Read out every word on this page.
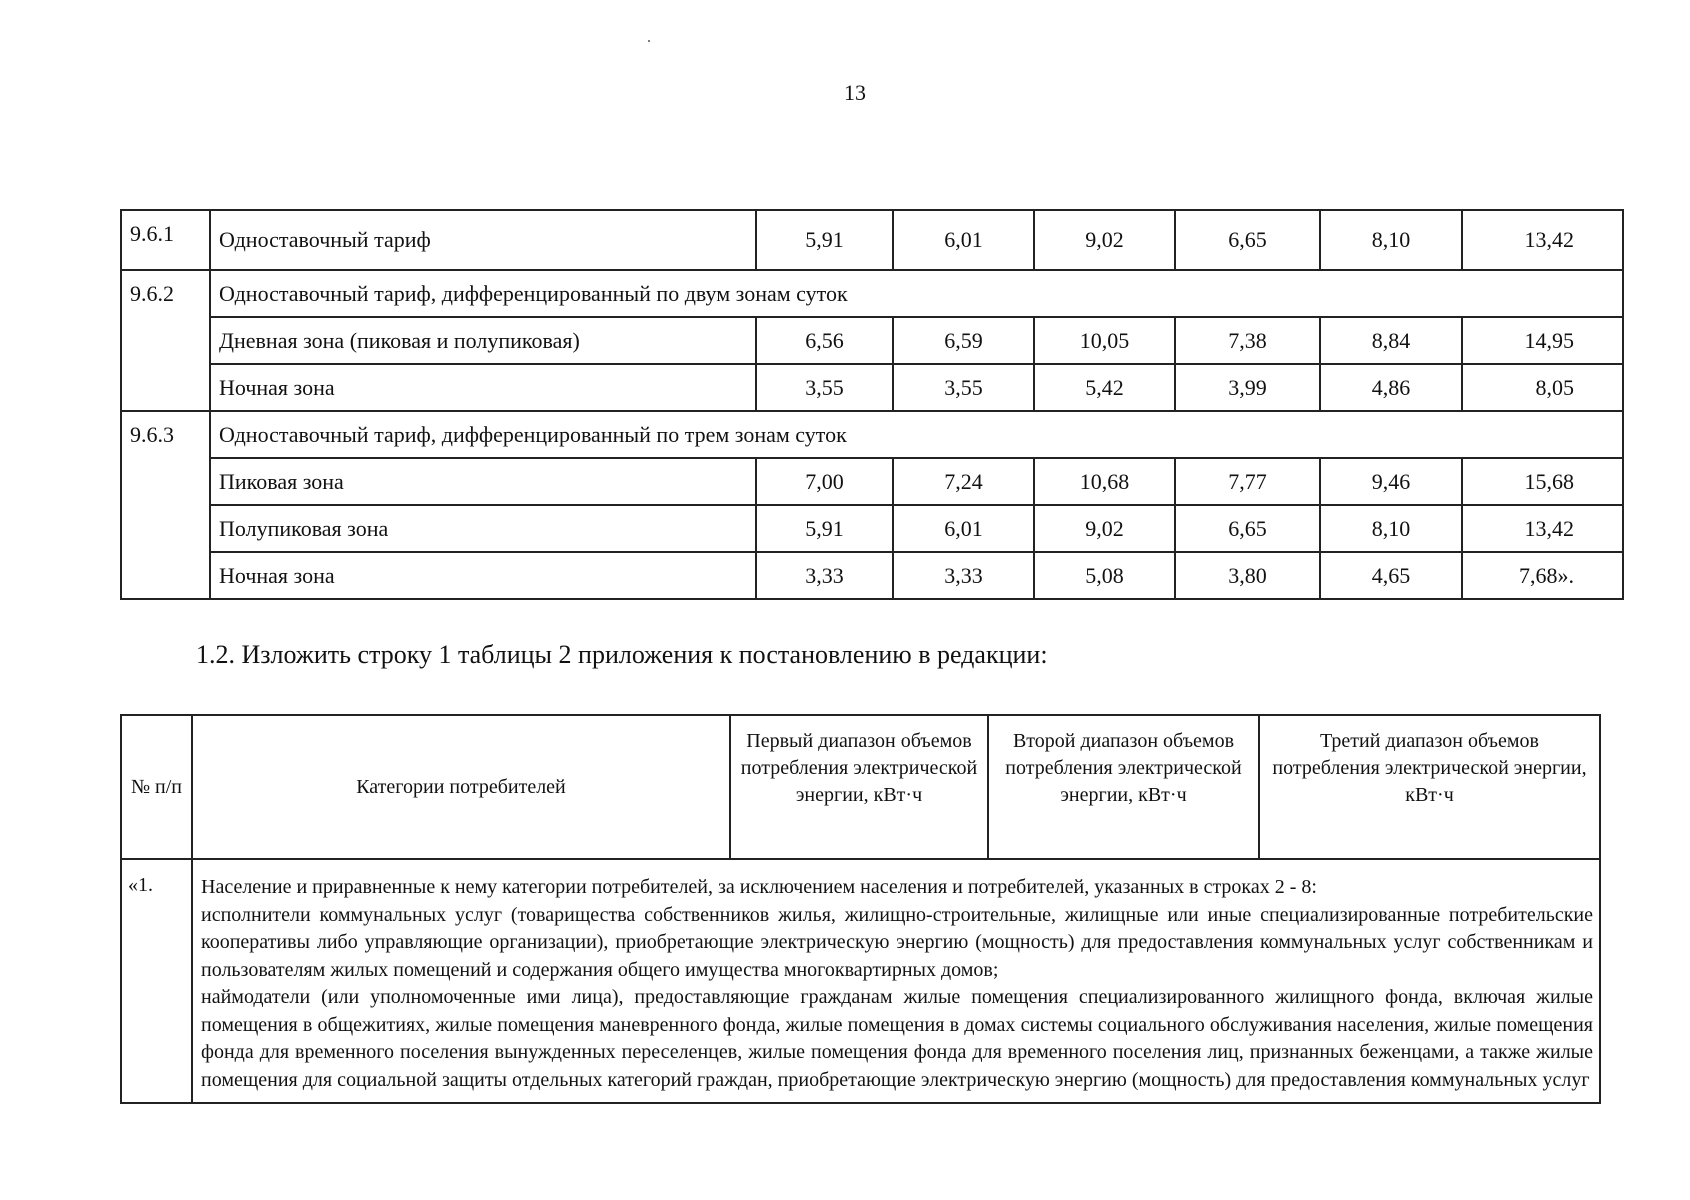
13
9.6.1	Одноставочный тариф	5,91	6,01	9,02	6,65	8,10	13,42
9.6.2	Одноставочный тариф, дифференцированный по двум зонам суток						
	Дневная зона (пиковая и полупиковая)	6,56	6,59	10,05	7,38	8,84	14,95
	Ночная зона	3,55	3,55	5,42	3,99	4,86	8,05
9.6.3	Одноставочный тариф, дифференцированный по трем зонам суток						
	Пиковая зона	7,00	7,24	10,68	7,77	9,46	15,68
	Полупиковая зона	5,91	6,01	9,02	6,65	8,10	13,42
	Ночная зона	3,33	3,33	5,08	3,80	4,65	7,68».
1.2. Изложить строку 1 таблицы 2 приложения к постановлению в редакции:
№ п/п	Категории потребителей	Первый диапазон объемов потребления электрической энергии, кВт·ч	Второй диапазон объемов потребления электрической энергии, кВт·ч	Третий диапазон объемов потребления электрической энергии, кВт·ч
«1.	Население и приравненные к нему категории потребителей, за исключением населения и потребителей, указанных в строках 2 - 8:
исполнители коммунальных услуг (товарищества собственников жилья, жилищно-строительные, жилищные или иные специализированные потребительские кооперативы либо управляющие организации), приобретающие электрическую энергию (мощность) для предоставления коммунальных услуг собственникам и пользователям жилых помещений и содержания общего имущества многоквартирных домов;
наймодатели (или уполномоченные ими лица), предоставляющие гражданам жилые помещения специализированного жилищного фонда, включая жилые помещения в общежитиях, жилые помещения маневренного фонда, жилые помещения в домах системы социального обслуживания населения, жилые помещения фонда для временного поселения вынужденных переселенцев, жилые помещения фонда для временного поселения лиц, признанных беженцами, а также жилые помещения для социальной защиты отдельных категорий граждан, приобретающие электрическую энергию (мощность) для предоставления коммунальных услуг			
